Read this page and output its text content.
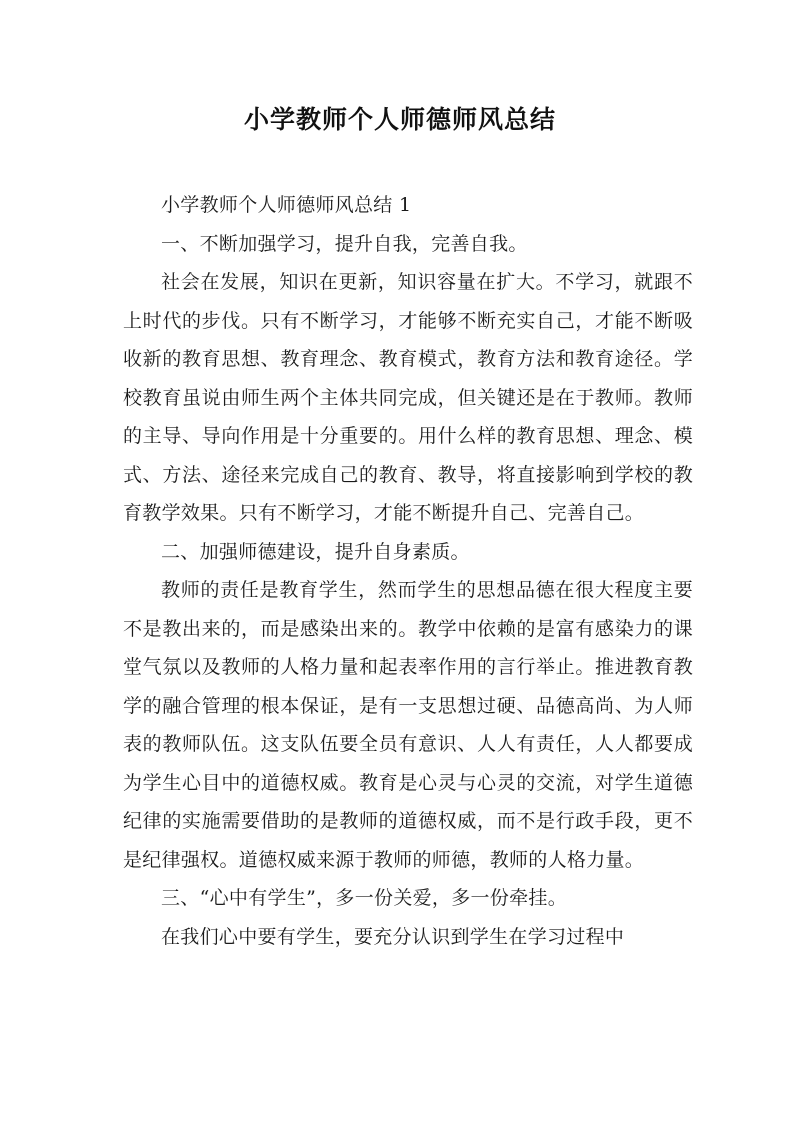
小学教师个人师德师风总结

小学教师个人师德师风总结 1

一、不断加强学习，提升自我，完善自我。

社会在发展，知识在更新，知识容量在扩大。不学习，就跟不上时代的步伐。只有不断学习，才能够不断充实自己，才能不断吸收新的教育思想、教育理念、教育模式，教育方法和教育途径。学校教育虽说由师生两个主体共同完成，但关键还是在于教师。教师的主导、导向作用是十分重要的。用什么样的教育思想、理念、模式、方法、途径来完成自己的教育、教导，将直接影响到学校的教育教学效果。只有不断学习，才能不断提升自己、完善自己。

二、加强师德建设，提升自身素质。

教师的责任是教育学生，然而学生的思想品德在很大程度主要不是教出来的，而是感染出来的。教学中依赖的是富有感染力的课堂气氛以及教师的人格力量和起表率作用的言行举止。推进教育教学的融合管理的根本保证，是有一支思想过硬、品德高尚、为人师表的教师队伍。这支队伍要全员有意识、人人有责任，人人都要成为学生心目中的道德权威。教育是心灵与心灵的交流，对学生道德纪律的实施需要借助的是教师的道德权威，而不是行政手段，更不是纪律强权。道德权威来源于教师的师德，教师的人格力量。

三、“心中有学生”，多一份关爱，多一份牵挂。

在我们心中要有学生，要充分认识到学生在学习过程中
